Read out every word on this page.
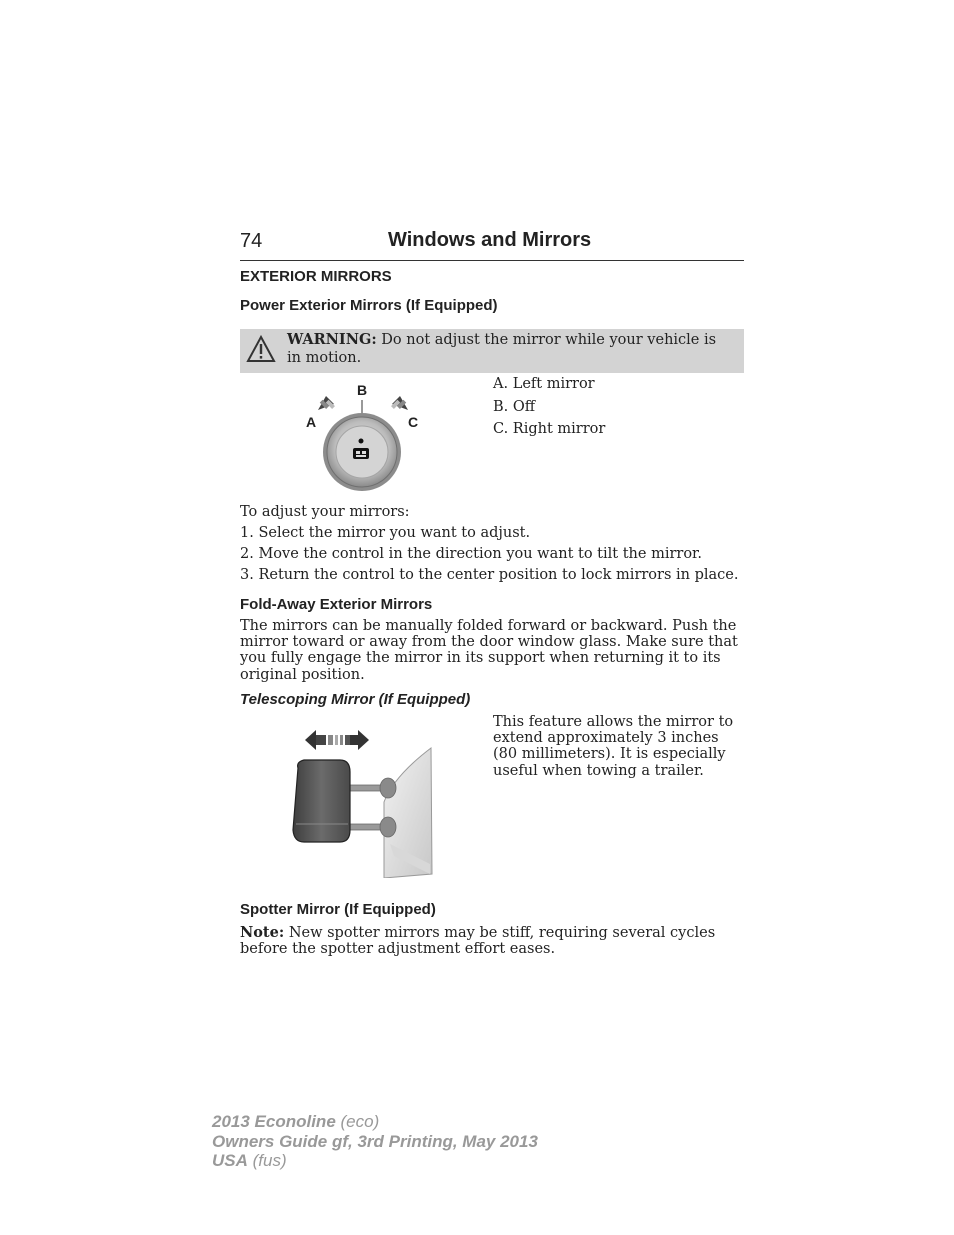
74	Windows and Mirrors
EXTERIOR MIRRORS
Power Exterior Mirrors (If Equipped)
WARNING: Do not adjust the mirror while your vehicle is in motion.
B
A	C
A. Left mirror
B. Off
C. Right mirror
To adjust your mirrors:
1. Select the mirror you want to adjust.
2. Move the control in the direction you want to tilt the mirror.
3. Return the control to the center position to lock mirrors in place.
Fold-Away Exterior Mirrors
The mirrors can be manually folded forward or backward. Push the mirror toward or away from the door window glass. Make sure that you fully engage the mirror in its support when returning it to its original position.
Telescoping Mirror (If Equipped)
This feature allows the mirror to extend approximately 3 inches (80 millimeters). It is especially useful when towing a trailer.
Spotter Mirror (If Equipped)
Note: New spotter mirrors may be stiff, requiring several cycles before the spotter adjustment effort eases.
2013 Econoline (eco)
Owners Guide gf, 3rd Printing, May 2013
USA (fus)
